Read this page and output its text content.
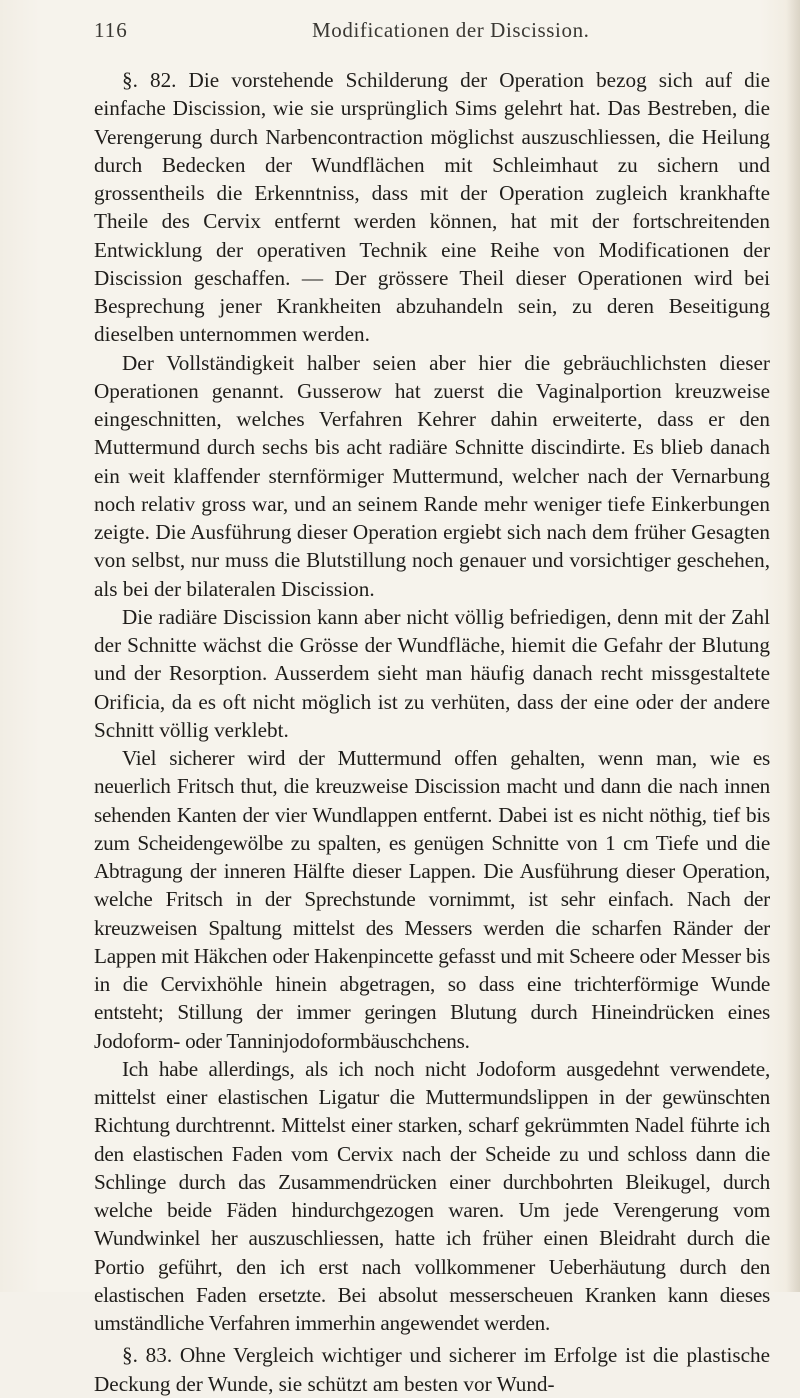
116	Modificationen der Discission.

§. 82. Die vorstehende Schilderung der Operation bezog sich auf die einfache Discission, wie sie ursprünglich Sims gelehrt hat. Das Bestreben, die Verengerung durch Narbencontraction möglichst auszuschliessen, die Heilung durch Bedecken der Wundflächen mit Schleimhaut zu sichern und grossentheils die Erkenntniss, dass mit der Operation zugleich krankhafte Theile des Cervix entfernt werden können, hat mit der fortschreitenden Entwicklung der operativen Technik eine Reihe von Modificationen der Discission geschaffen. — Der grössere Theil dieser Operationen wird bei Besprechung jener Krankheiten abzuhandeln sein, zu deren Beseitigung dieselben unternommen werden.

Der Vollständigkeit halber seien aber hier die gebräuchlichsten dieser Operationen genannt. Gusserow hat zuerst die Vaginalportion kreuzweise eingeschnitten, welches Verfahren Kehrer dahin erweiterte, dass er den Muttermund durch sechs bis acht radiäre Schnitte discindirte. Es blieb danach ein weit klaffender sternförmiger Muttermund, welcher nach der Vernarbung noch relativ gross war, und an seinem Rande mehr weniger tiefe Einkerbungen zeigte. Die Ausführung dieser Operation ergiebt sich nach dem früher Gesagten von selbst, nur muss die Blutstillung noch genauer und vorsichtiger geschehen, als bei der bilateralen Discission.

Die radiäre Discission kann aber nicht völlig befriedigen, denn mit der Zahl der Schnitte wächst die Grösse der Wundfläche, hiemit die Gefahr der Blutung und der Resorption. Ausserdem sieht man häufig danach recht missgestaltete Orificia, da es oft nicht möglich ist zu verhüten, dass der eine oder der andere Schnitt völlig verklebt.

Viel sicherer wird der Muttermund offen gehalten, wenn man, wie es neuerlich Fritsch thut, die kreuzweise Discission macht und dann die nach innen sehenden Kanten der vier Wundlappen entfernt. Dabei ist es nicht nöthig, tief bis zum Scheidengewölbe zu spalten, es genügen Schnitte von 1 cm Tiefe und die Abtragung der inneren Hälfte dieser Lappen. Die Ausführung dieser Operation, welche Fritsch in der Sprechstunde vornimmt, ist sehr einfach. Nach der kreuzweisen Spaltung mittelst des Messers werden die scharfen Ränder der Lappen mit Häkchen oder Hakenpincette gefasst und mit Scheere oder Messer bis in die Cervixhöhle hinein abgetragen, so dass eine trichterförmige Wunde entsteht; Stillung der immer geringen Blutung durch Hineindrücken eines Jodoform- oder Tanninjodoformbäuschchens.

Ich habe allerdings, als ich noch nicht Jodoform ausgedehnt verwendete, mittelst einer elastischen Ligatur die Muttermundslippen in der gewünschten Richtung durchtrennt. Mittelst einer starken, scharf gekrümmten Nadel führte ich den elastischen Faden vom Cervix nach der Scheide zu und schloss dann die Schlinge durch das Zusammendrücken einer durchbohrten Bleikugel, durch welche beide Fäden hindurchgezogen waren. Um jede Verengerung vom Wundwinkel her auszuschliessen, hatte ich früher einen Bleidraht durch die Portio geführt, den ich erst nach vollkommener Ueberhäutung durch den elastischen Faden ersetzte. Bei absolut messerscheuen Kranken kann dieses umständliche Verfahren immerhin angewendet werden.

§. 83. Ohne Vergleich wichtiger und sicherer im Erfolge ist die plastische Deckung der Wunde, sie schützt am besten vor Wund-
